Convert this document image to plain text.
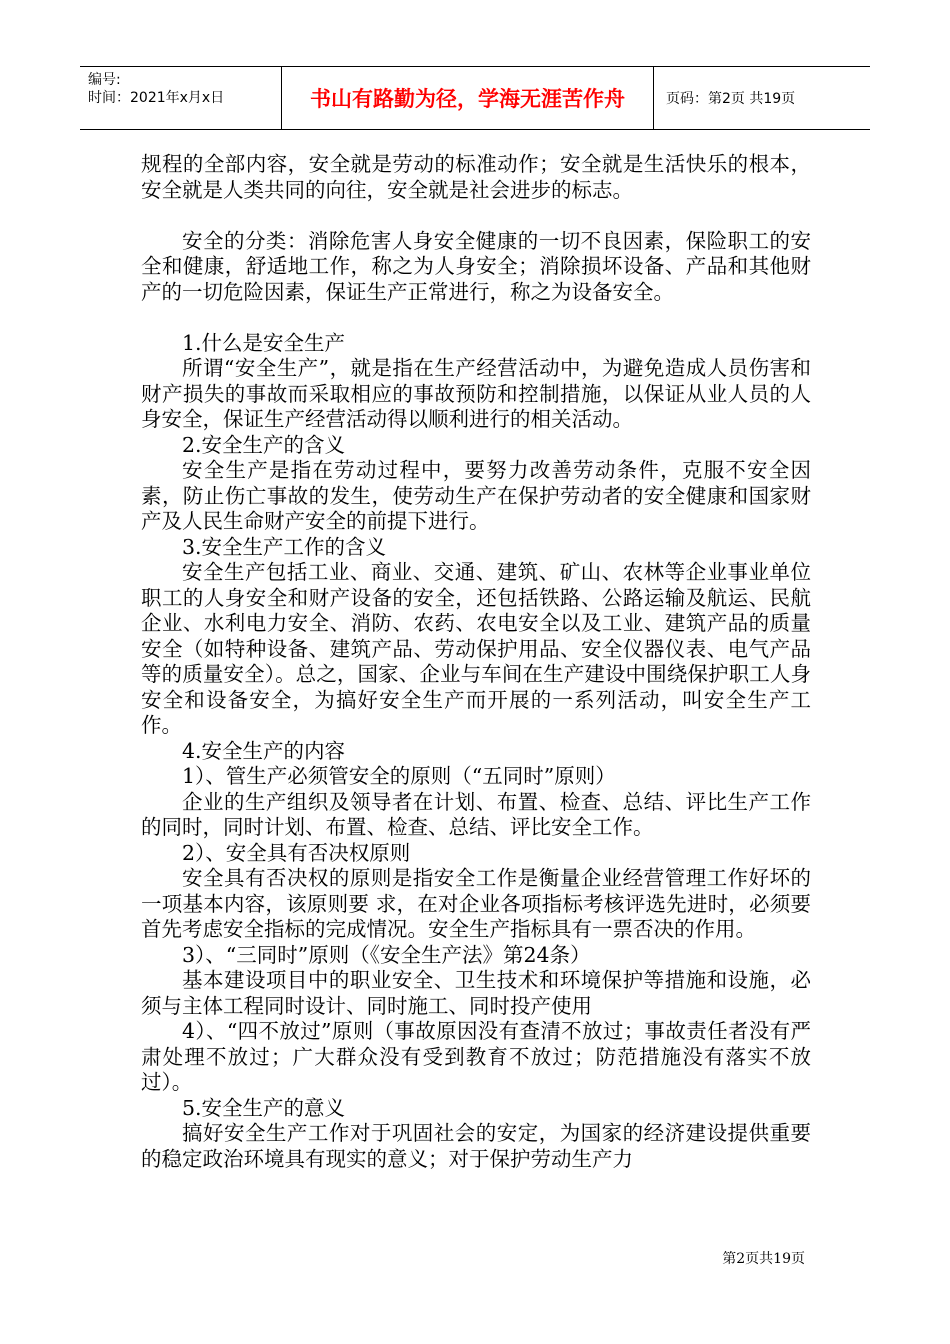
编号:
时间：2021年x月x日	书山有路勤为径，学海无涯苦作舟	页码：第2页 共19页

规程的全部内容，安全就是劳动的标准动作；安全就是生活快乐的根本，安全就是人类共同的向往，安全就是社会进步的标志。

安全的分类：消除危害人身安全健康的一切不良因素，保险职工的安全和健康，舒适地工作，称之为人身安全；消除损坏设备、产品和其他财产的一切危险因素，保证生产正常进行，称之为设备安全。

1.什么是安全生产

所谓“安全生产”，就是指在生产经营活动中，为避免造成人员伤害和财产损失的事故而采取相应的事故预防和控制措施，以保证从业人员的人身安全，保证生产经营活动得以顺利进行的相关活动。

2.安全生产的含义

安全生产是指在劳动过程中，要努力改善劳动条件，克服不安全因素，防止伤亡事故的发生，使劳动生产在保护劳动者的安全健康和国家财产及人民生命财产安全的前提下进行。

3.安全生产工作的含义

安全生产包括工业、商业、交通、建筑、矿山、农林等企业事业单位职工的人身安全和财产设备的安全，还包括铁路、公路运输及航运、民航企业、水利电力安全、消防、农药、农电安全以及工业、建筑产品的质量安全（如特种设备、建筑产品、劳动保护用品、安全仪器仪表、电气产品等的质量安全）。总之，国家、企业与车间在生产建设中围绕保护职工人身安全和设备安全，为搞好安全生产而开展的一系列活动，叫安全生产工作。

4.安全生产的内容

1）、管生产必须管安全的原则（“五同时”原则）

企业的生产组织及领导者在计划、布置、检查、总结、评比生产工作的同时，同时计划、布置、检查、总结、评比安全工作。

2）、安全具有否决权原则

安全具有否决权的原则是指安全工作是衡量企业经营管理工作好坏的一项基本内容，该原则要 求，在对企业各项指标考核评选先进时，必须要首先考虑安全指标的完成情况。安全生产指标具有一票否决的作用。

3）、“三同时”原则（《安全生产法》第24条）

基本建设项目中的职业安全、卫生技术和环境保护等措施和设施，必须与主体工程同时设计、同时施工、同时投产使用

4）、“四不放过”原则（事故原因没有查清不放过；事故责任者没有严肃处理不放过；广大群众没有受到教育不放过；防范措施没有落实不放过）。

5.安全生产的意义

搞好安全生产工作对于巩固社会的安定，为国家的经济建设提供重要的稳定政治环境具有现实的意义；对于保护劳动生产力

第2页共19页
